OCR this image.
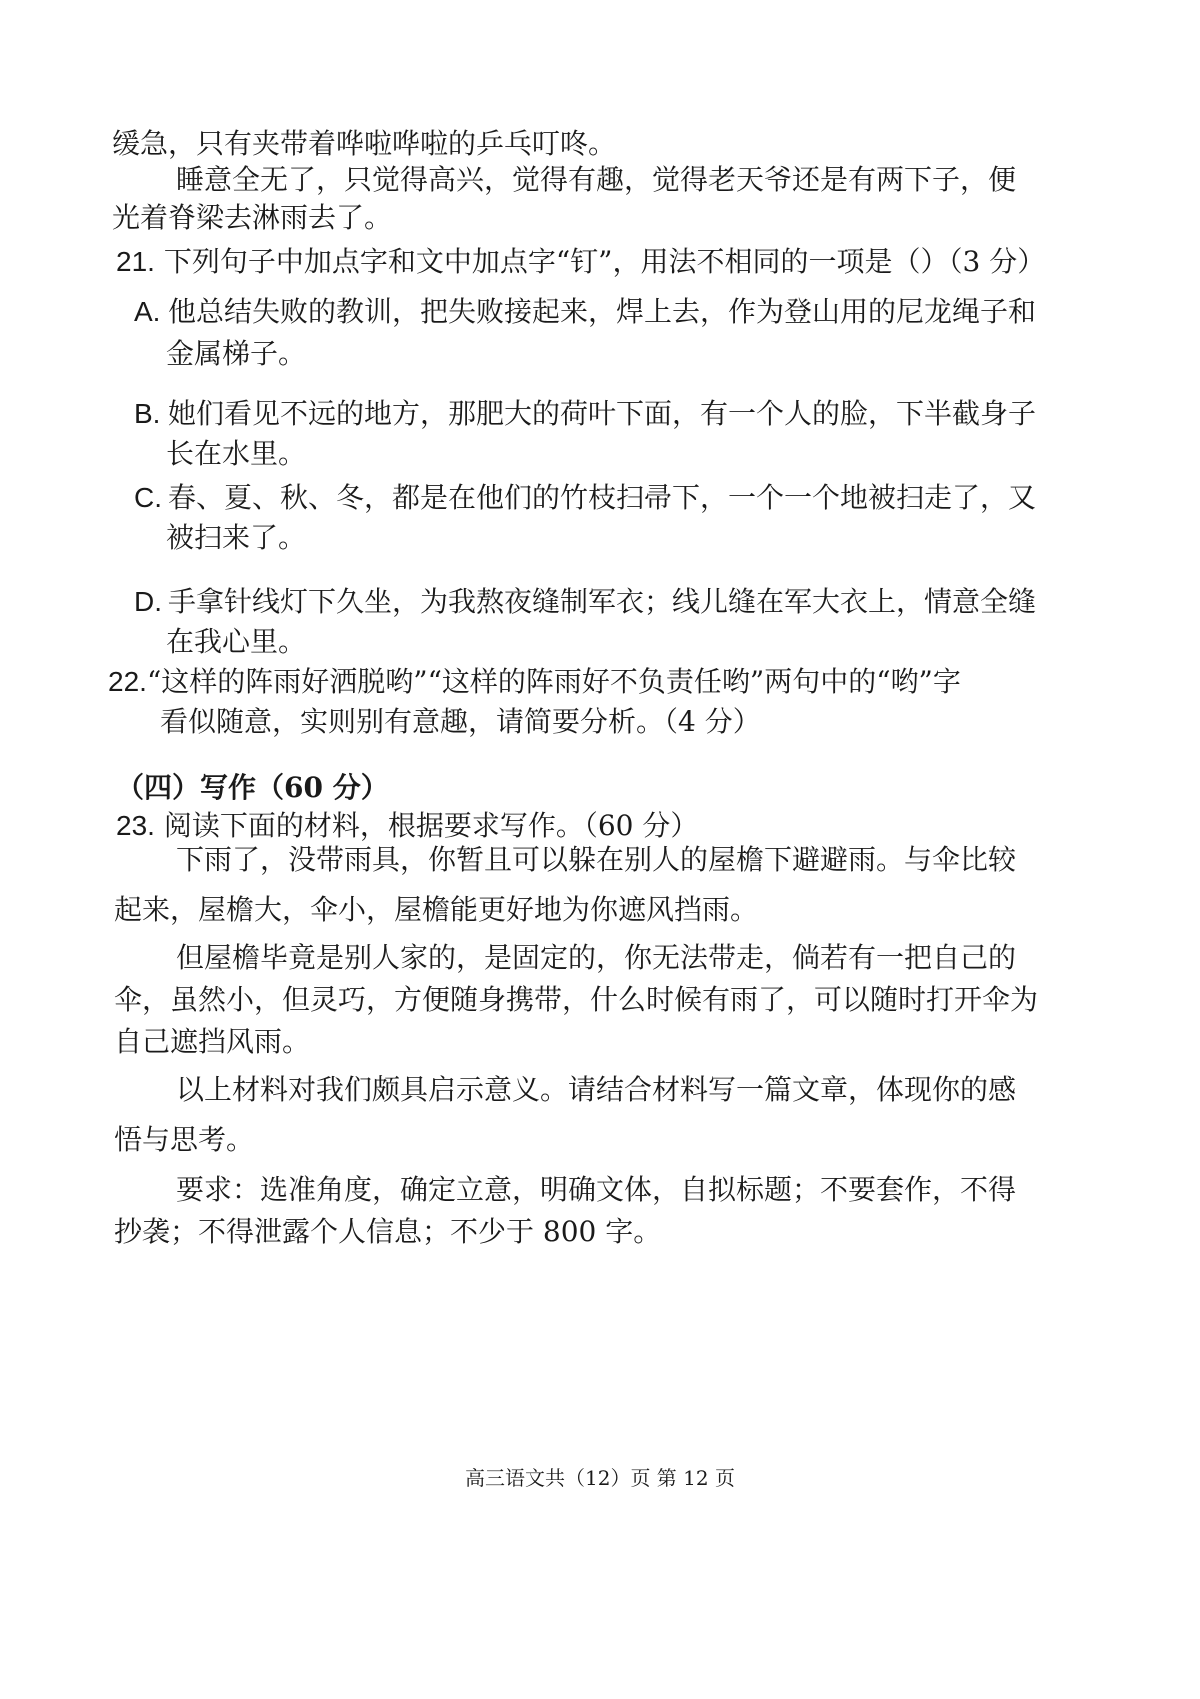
缓急，只有夹带着哗啦哗啦的乒乓叮咚。
睡意全无了，只觉得高兴，觉得有趣，觉得老天爷还是有两下子，便
光着脊梁去淋雨去了。
21. 下列句子中加点字和文中加点字“钉”，用法不相同的一项是（）（3 分）
A. 他总结失败的教训，把失败接起来，焊上去，作为登山用的尼龙绳子和
金属梯子。
B. 她们看见不远的地方，那肥大的荷叶下面，有一个人的脸，下半截身子
长在水里。
C. 春、夏、秋、冬，都是在他们的竹枝扫帚下，一个一个地被扫走了，又
被扫来了。
D. 手拿针线灯下久坐，为我熬夜缝制军衣；线儿缝在军大衣上，情意全缝
在我心里。
22.“这样的阵雨好洒脱哟”“这样的阵雨好不负责任哟”两句中的“哟”字
看似随意，实则别有意趣，请简要分析。（4 分）
（四）写作（60 分）
23. 阅读下面的材料，根据要求写作。（60 分）
下雨了，没带雨具，你暂且可以躲在别人的屋檐下避避雨。与伞比较
起来，屋檐大，伞小，屋檐能更好地为你遮风挡雨。
但屋檐毕竟是别人家的，是固定的，你无法带走，倘若有一把自己的
伞，虽然小，但灵巧，方便随身携带，什么时候有雨了，可以随时打开伞为
自己遮挡风雨。
以上材料对我们颇具启示意义。请结合材料写一篇文章，体现你的感
悟与思考。
要求：选准角度，确定立意，明确文体，自拟标题；不要套作，不得
抄袭；不得泄露个人信息；不少于 800 字。
高三语文共（12）页 第 12 页
